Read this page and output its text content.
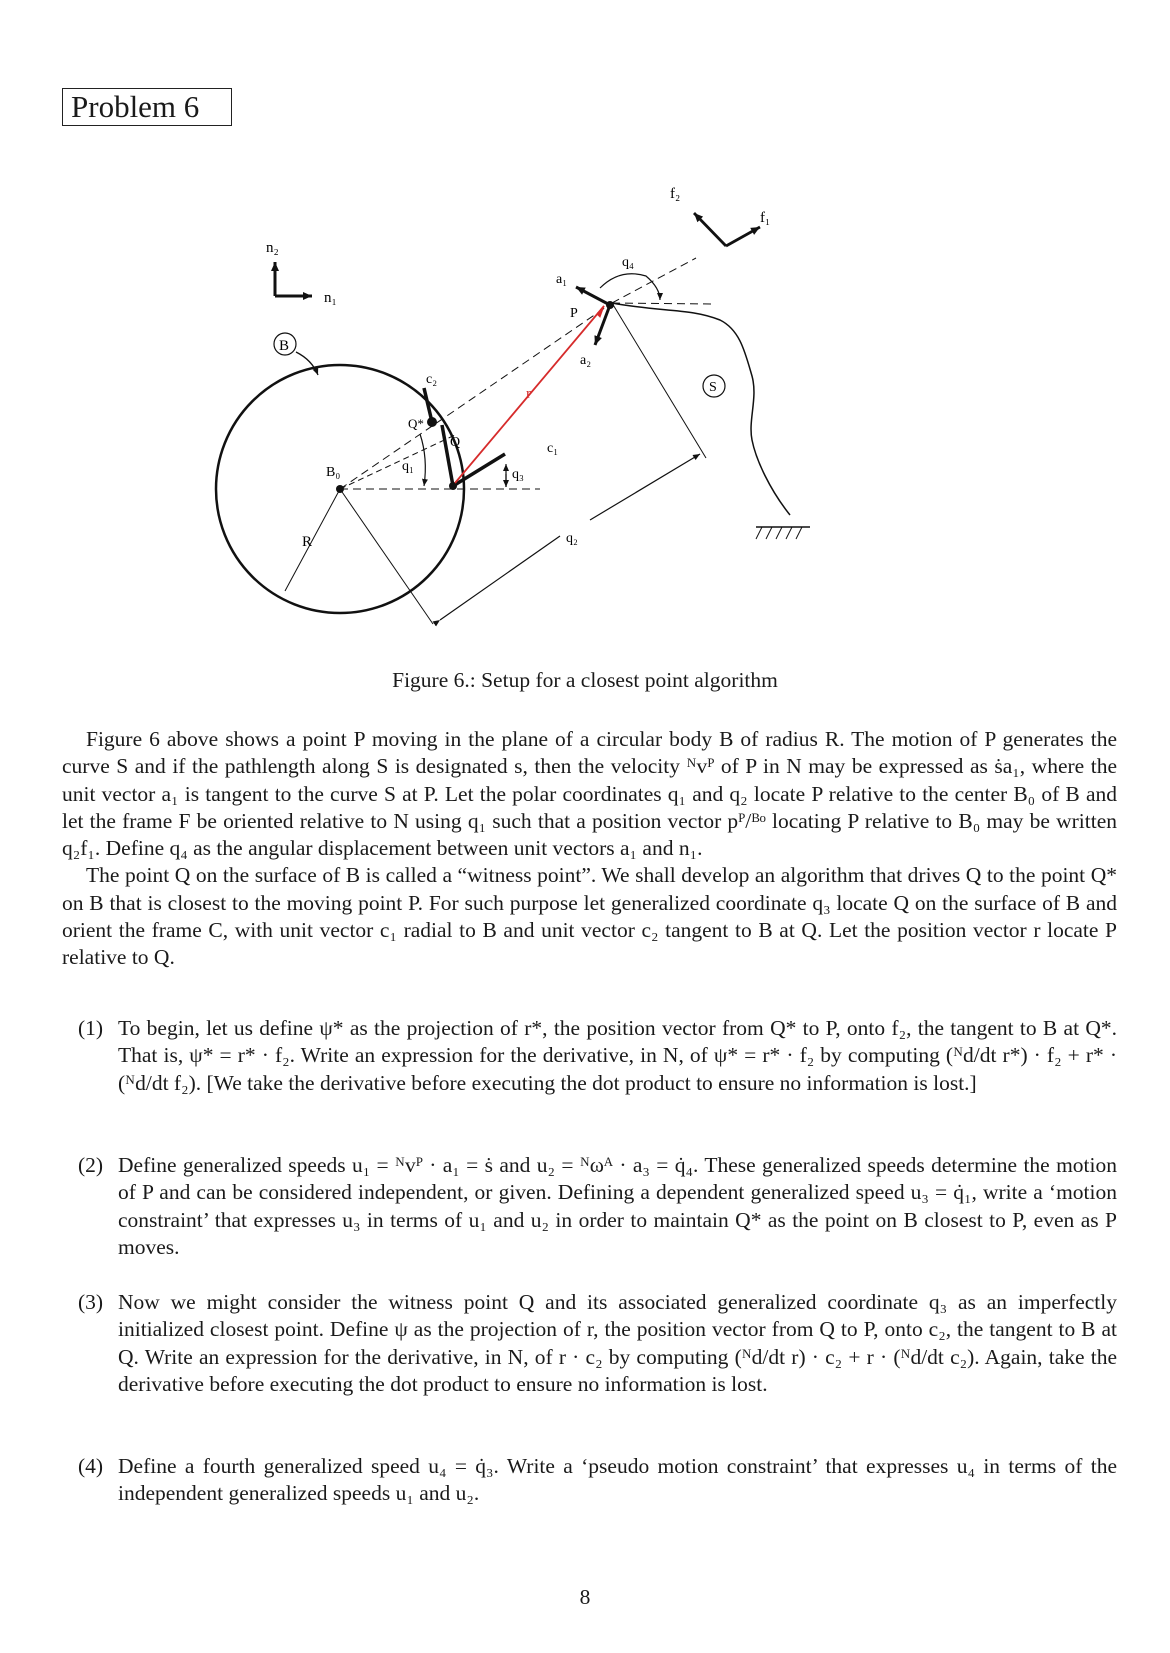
Problem 6
n₂
n₁
B
B₀
R
q₁
q₃
Q*
c₂
Q	c₁
r
P
a₁
a₂
q₄
q₂
S
f₂
f₁
Figure 6.: Setup for a closest point algorithm

Figure 6 above shows a point P moving in the plane of a circular body B of radius R. The motion of P generates the curve S and if the pathlength along S is designated s, then the velocity ᴺvᴾ of P in N may be expressed as ṡa₁, where the unit vector a₁ is tangent to the curve S at P. Let the polar coordinates q₁ and q₂ locate P relative to the center B₀ of B and let the frame F be oriented relative to N using q₁ such that a position vector pᴾ/ᴮᵒ locating P relative to B₀ may be written q₂f₁. Define q₄ as the angular displacement between unit vectors a₁ and n₁.

The point Q on the surface of B is called a “witness point”. We shall develop an algorithm that drives Q to the point Q* on B that is closest to the moving point P. For such purpose let generalized coordinate q₃ locate Q on the surface of B and orient the frame C, with unit vector c₁ radial to B and unit vector c₂ tangent to B at Q. Let the position vector r locate P relative to Q.

(1) To begin, let us define ψ* as the projection of r*, the position vector from Q* to P, onto f₂, the tangent to B at Q*. That is, ψ* = r* · f₂. Write an expression for the derivative, in N, of ψ* = r* · f₂ by computing (ᴺd/dt r*) · f₂ + r* · (ᴺd/dt f₂). [We take the derivative before executing the dot product to ensure no information is lost.]
(2) Define generalized speeds u₁ = ᴺvᴾ · a₁ = ṡ and u₂ = ᴺωᴬ · a₃ = q̇₄. These generalized speeds determine the motion of P and can be considered independent, or given. Defining a dependent generalized speed u₃ = q̇₁, write a ‘motion constraint’ that expresses u₃ in terms of u₁ and u₂ in order to maintain Q* as the point on B closest to P, even as P moves.
(3) Now we might consider the witness point Q and its associated generalized coordinate q₃ as an imperfectly initialized closest point. Define ψ as the projection of r, the position vector from Q to P, onto c₂, the tangent to B at Q. Write an expression for the derivative, in N, of r · c₂ by computing (ᴺd/dt r) · c₂ + r · (ᴺd/dt c₂). Again, take the derivative before executing the dot product to ensure no information is lost.
(4) Define a fourth generalized speed u₄ = q̇₃. Write a ‘pseudo motion constraint’ that expresses u₄ in terms of the independent generalized speeds u₁ and u₂.
8
